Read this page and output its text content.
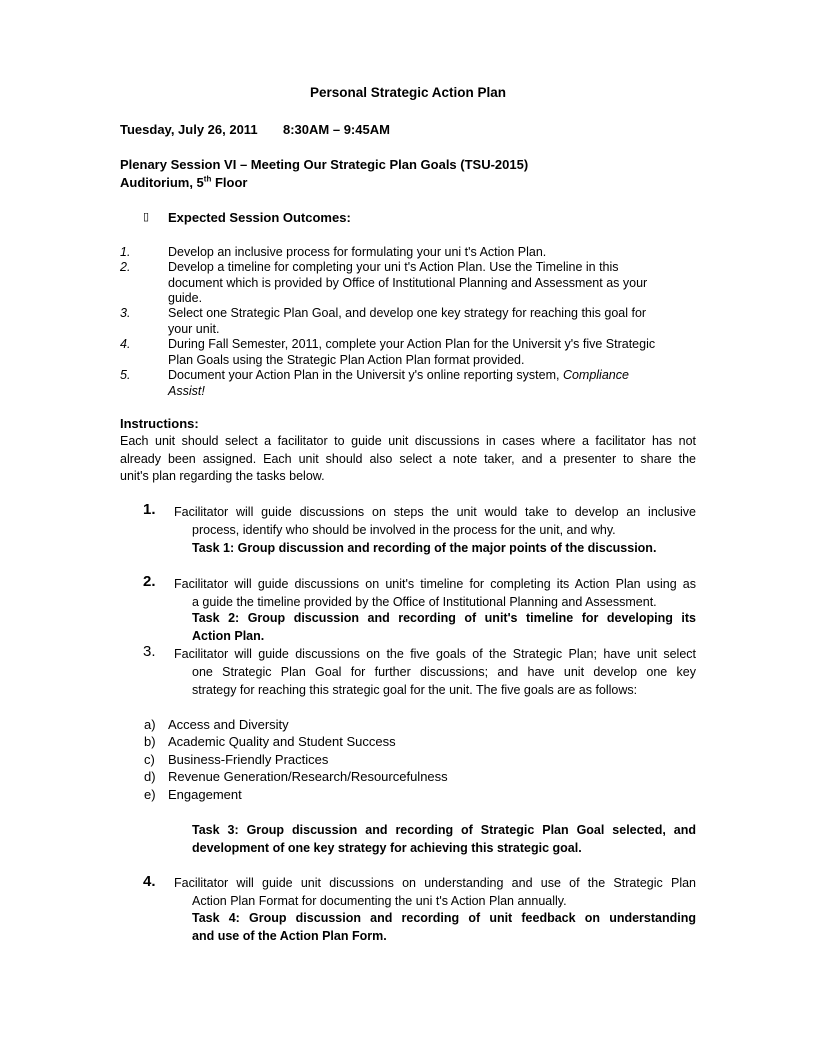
Personal Strategic Action Plan
Tuesday, July 26, 2011 8:30AM – 9:45AM
Plenary Session VI – Meeting Our Strategic Plan Goals (TSU-2015)
Auditorium, 5th Floor
▯ Expected Session Outcomes:
1.	Develop an inclusive process for formulating your uni t's Action Plan.
2.	Develop a timeline for completing your uni t's Action Plan. Use the Timeline in this
document which is provided by Office of Institutional Planning and Assessment as your
guide.
3.	Select one Strategic Plan Goal, and develop one key strategy for reaching this goal for
your unit.
4.	During Fall Semester, 2011, complete your Action Plan for the Universit y's five Strategic
Plan Goals using the Strategic Plan Action Plan format provided.
5.	Document your Action Plan in the Universit y's online reporting system, Compliance
Assist!
Instructions:
Each unit should select a facilitator to guide unit discussions in cases where a facilitator has not
already been assigned. Each unit should also select a note taker, and a presenter to share the
unit's plan regarding the tasks below.
1. Facilitator will guide discussions on steps the unit would take to develop an inclusive
process, identify who should be involved in the process for the unit, and why.
Task 1: Group discussion and recording of the major points of the discussion.
2. Facilitator will guide discussions on unit's timeline for completing its Action Plan using as
a guide the timeline provided by the Office of Institutional Planning and Assessment.
Task 2: Group discussion and recording of unit's timeline for developing its
Action Plan.
3. Facilitator will guide discussions on the five goals of the Strategic Plan; have unit select
one Strategic Plan Goal for further discussions; and have unit develop one key
strategy for reaching this strategic goal for the unit. The five goals are as follows:
a) Access and Diversity
b) Academic Quality and Student Success
c) Business-Friendly Practices
d) Revenue Generation/Research/Resourcefulness
e) Engagement
Task 3: Group discussion and recording of Strategic Plan Goal selected, and
development of one key strategy for achieving this strategic goal.
4. Facilitator will guide unit discussions on understanding and use of the Strategic Plan
Action Plan Format for documenting the uni t's Action Plan annually.
Task 4: Group discussion and recording of unit feedback on understanding
and use of the Action Plan Form.
